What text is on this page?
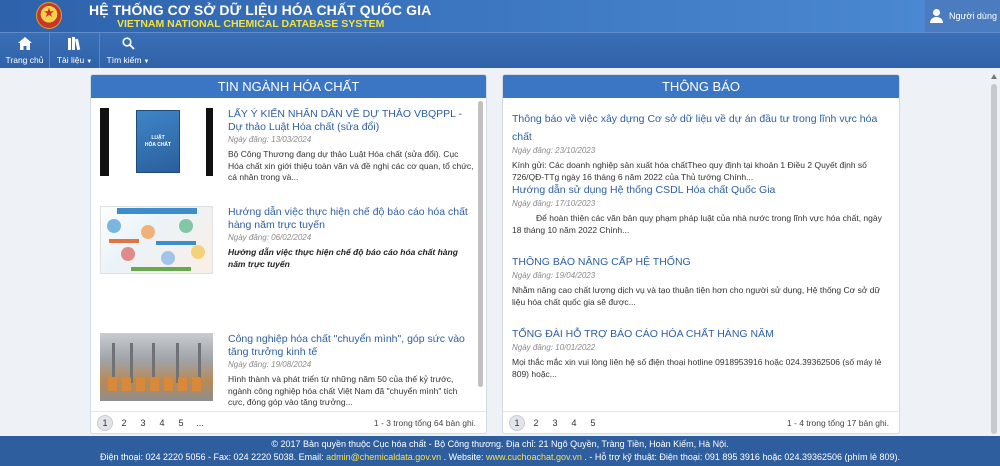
★
HỆ THỐNG CƠ SỞ DỮ LIỆU HÓA CHẤT QUỐC GIA
VIETNAM NATIONAL CHEMICAL DATABASE SYSTEM
Người dùng
Trang chủ Tài liệu ▼ Tìm kiếm ▼
TIN NGÀNH HÓA CHẤT
LUẬT
HÓA CHẤT
LẤY Ý KIẾN NHÂN DÂN VỀ DỰ THẢO VBQPPL - Dự thảo Luật Hóa chất (sửa đổi)
Ngày đăng: 13/03/2024
Bộ Công Thương đang dự thảo Luật Hóa chất (sửa đổi). Cục Hóa chất xin giới thiệu toàn văn và đề nghị các cơ quan, tổ chức, cá nhân trong và...
Hướng dẫn việc thực hiện chế độ báo cáo hóa chất hàng năm trực tuyến
Ngày đăng: 06/02/2024
Hướng dẫn việc thực hiện chế độ báo cáo hóa chất hàng năm trực tuyến
Công nghiệp hóa chất "chuyển mình", góp sức vào tăng trưởng kinh tế
Ngày đăng: 19/08/2024
Hình thành và phát triển từ những năm 50 của thế kỷ trước, ngành công nghiệp hóa chất Việt Nam đã "chuyển mình" tích cực, đóng góp vào tăng trưởng...
1	2	3	4	5	...	1 - 3 trong tổng 64 bản ghi.
THÔNG BÁO
Thông báo về việc xây dựng Cơ sở dữ liệu về dự án đầu tư trong lĩnh vực hóa chất
Ngày đăng: 23/10/2023
Kính gửi: Các doanh nghiệp sản xuất hóa chấtTheo quy định tại khoản 1 Điều 2 Quyết định số 726/QĐ-TTg ngày 16 tháng 6 năm 2022 của Thủ tướng Chính...
Hướng dẫn sử dụng Hệ thống CSDL Hóa chất Quốc Gia
Ngày đăng: 17/10/2023
Để hoàn thiện các văn bản quy phạm pháp luật của nhà nước trong lĩnh vực hóa chất, ngày 18 tháng 10 năm 2022 Chính...
THÔNG BÁO NÂNG CẤP HỆ THỐNG
Ngày đăng: 19/04/2023
Nhằm nâng cao chất lượng dịch vụ và tạo thuận tiện hơn cho người sử dụng, Hệ thống Cơ sở dữ liệu hóa chất quốc gia sẽ được...
TỔNG ĐÀI HỖ TRỢ BÁO CÁO HÓA CHẤT HÀNG NĂM
Ngày đăng: 10/01/2022
Mọi thắc mắc xin vui lòng liên hệ số điện thoại hotline 0918953916 hoặc 024.39362506 (số máy lẻ 809) hoặc...
1	2	3	4	5	1 - 4 trong tổng 17 bản ghi.
© 2017 Bản quyền thuộc Cục hóa chất - Bộ Công thương. Địa chỉ: 21 Ngô Quyền, Tràng Tiền, Hoàn Kiếm, Hà Nội.
Điện thoại: 024 2220 5056 - Fax: 024 2220 5038. Email: admin@chemicaldata.gov.vn . Website: www.cuchoachat.gov.vn . - Hỗ trợ kỹ thuật: Điện thoại: 091 895 3916 hoặc 024.39362506 (phím lẻ 809).
